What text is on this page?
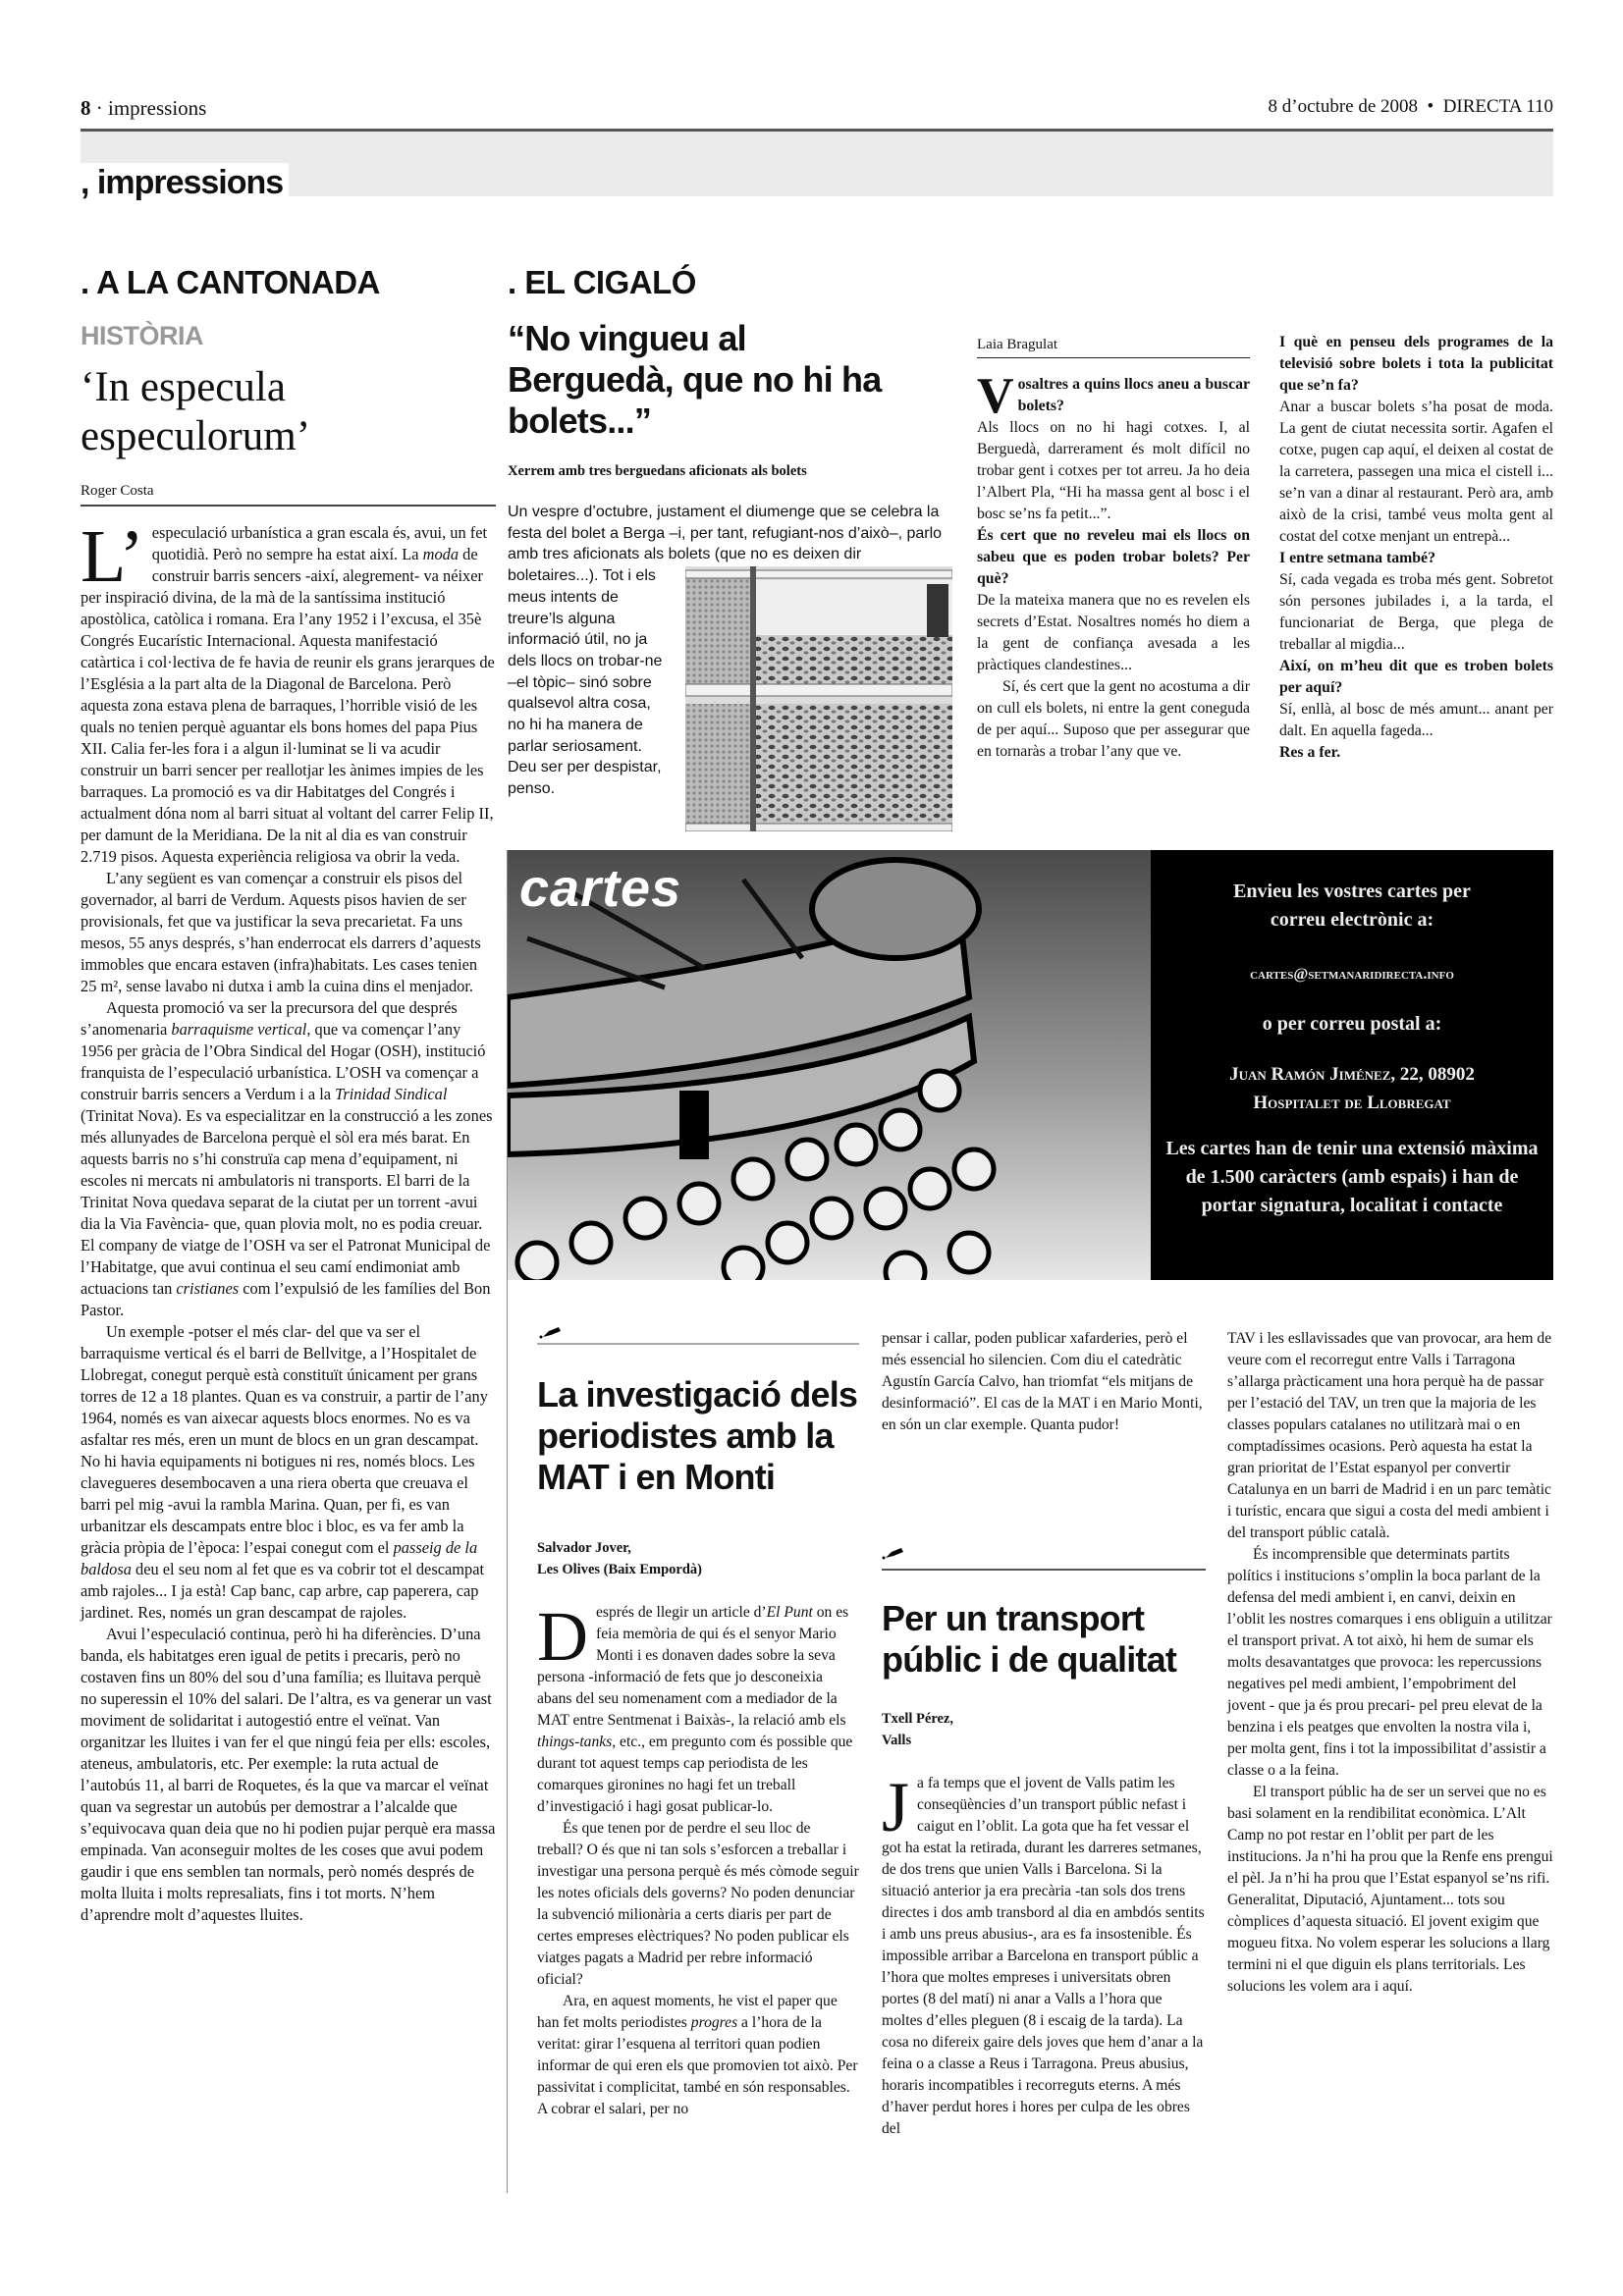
8 · impressions	8 d’octubre de 2008 • DIRECTA 110
, impressions
. A LA CANTONADA
HISTÒRIA
‘In especula especulorum’
Roger Costa
L’ especulació urbanística a gran escala és, avui, un fet quotidià. Però no sempre ha estat així. La moda de construir barris sencers -així, alegrement- va néixer per inspiració divina, de la mà de la santíssima institució apostòlica, catòlica i romana. Era l’any 1952 i l’excusa, el 35è Congrés Eucarístic Internacional. Aquesta manifestació catàrtica i col·lectiva de fe havia de reunir els grans jerarques de l’Església a la part alta de la Diagonal de Barcelona. Però aquesta zona estava plena de barraques, l’horrible visió de les quals no tenien perquè aguantar els bons homes del papa Pius XII. Calia fer-les fora i a algun il·luminat se li va acudir construir un barri sencer per reallotjar les ànimes impies de les barraques. La promoció es va dir Habitatges del Congrés i actualment dóna nom al barri situat al voltant del carrer Felip II, per damunt de la Meridiana. De la nit al dia es van construir 2.719 pisos. Aquesta experiència religiosa va obrir la veda.

L’any següent es van començar a construir els pisos del governador, al barri de Verdum. Aquests pisos havien de ser provisionals, fet que va justificar la seva precarietat. Fa uns mesos, 55 anys després, s’han enderrocat els darrers d’aquests immobles que encara estaven (infra)habitats. Les cases tenien 25 m², sense lavabo ni dutxa i amb la cuina dins el menjador.

Aquesta promoció va ser la precursora del que després s’anomenaria barraquisme vertical, que va començar l’any 1956 per gràcia de l’Obra Sindical del Hogar (OSH), institució franquista de l’especulació urbanística. L’OSH va començar a construir barris sencers a Verdum i a la Trinidad Sindical (Trinitat Nova). Es va especialitzar en la construcció a les zones més allunyades de Barcelona perquè el sòl era més barat. En aquests barris no s’hi construïa cap mena d’equipament, ni escoles ni mercats ni ambulatoris ni transports. El barri de la Trinitat Nova quedava separat de la ciutat per un torrent -avui dia la Via Favència- que, quan plovia molt, no es podia creuar. El company de viatge de l’OSH va ser el Patronat Municipal de l’Habitatge, que avui continua el seu camí endimoniat amb actuacions tan cristianes com l’expulsió de les famílies del Bon Pastor.

Un exemple -potser el més clar- del que va ser el barraquisme vertical és el barri de Bellvitge, a l’Hospitalet de Llobregat, conegut perquè està constituït únicament per grans torres de 12 a 18 plantes. Quan es va construir, a partir de l’any 1964, només es van aixecar aquests blocs enormes. No es va asfaltar res més, eren un munt de blocs en un gran descampat. No hi havia equipaments ni botigues ni res, només blocs. Les clavegueres desembocaven a una riera oberta que creuava el barri pel mig -avui la rambla Marina. Quan, per fi, es van urbanitzar els descampats entre bloc i bloc, es va fer amb la gràcia pròpia de l’època: l’espai conegut com el passeig de la baldosa deu el seu nom al fet que es va cobrir tot el descampat amb rajoles... I ja està! Cap banc, cap arbre, cap paperera, cap jardinet. Res, només un gran descampat de rajoles.

Avui l’especulació continua, però hi ha diferències. D’una banda, els habitatges eren igual de petits i precaris, però no costaven fins un 80% del sou d’una família; es lluitava perquè no superessin el 10% del salari. De l’altra, es va generar un vast moviment de solidaritat i autogestió entre el veïnat. Van organitzar les lluites i van fer el que ningú feia per ells: escoles, ateneus, ambulatoris, etc. Per exemple: la ruta actual de l’autobús 11, al barri de Roquetes, és la que va marcar el veïnat quan va segrestar un autobús per demostrar a l’alcalde que s’equivocava quan deia que no hi podien pujar perquè era massa empinada. Van aconseguir moltes de les coses que avui podem gaudir i que ens semblen tan normals, però només després de molta lluita i molts represaliats, fins i tot morts. N’hem d’aprendre molt d’aquestes lluites.

. EL CIGALÓ
“No vingueu al Berguedà, que no hi ha bolets...”
Xerrem amb tres berguedans aficionats als bolets
Un vespre d’octubre, justament el diumenge que se celebra la festa del bolet a Berga –i, per tant, refugiant-nos d’això–, parlo amb tres aficionats als bolets (que no es deixen dir boletaires...). Tot i els meus intents de treure’ls alguna informació útil, no ja dels llocs on trobar-ne –el tòpic– sinó sobre qualsevol altra cosa, no hi ha manera de parlar seriosament. Deu ser per despistar, penso.
Laia Bragulat
V osaltres a quins llocs aneu a buscar bolets?

Als llocs on no hi hagi cotxes. I, al Berguedà, darrerament és molt difícil no trobar gent i cotxes per tot arreu. Ja ho deia l’Albert Pla, “Hi ha massa gent al bosc i el bosc se’ns fa petit...”.

És cert que no reveleu mai els llocs on sabeu que es poden trobar bolets? Per què?

De la mateixa manera que no es revelen els secrets d’Estat. Nosaltres només ho diem a la gent de confiança avesada a les pràctiques clandestines...

Sí, és cert que la gent no acostuma a dir on cull els bolets, ni entre la gent coneguda de per aquí... Suposo que per assegurar que en tornaràs a trobar l’any que ve.

I què en penseu dels programes de la televisió sobre bolets i tota la publicitat que se’n fa?

Anar a buscar bolets s’ha posat de moda. La gent de ciutat necessita sortir. Agafen el cotxe, pugen cap aquí, el deixen al costat de la carretera, passegen una mica el cistell i... se’n van a dinar al restaurant. Però ara, amb això de la crisi, també veus molta gent al costat del cotxe menjant un entrepà...

I entre setmana també?

Sí, cada vegada es troba més gent. Sobretot són persones jubilades i, a la tarda, el funcionariat de Berga, que plega de treballar al migdia...

Així, on m’heu dit que es troben bolets per aquí?

Sí, enllà, al bosc de més amunt... anant per dalt. En aquella fageda...

Res a fer.

cartes	Envieu les vostres cartes per correu electrònic a:
cartes@setmanaridirecta.info
o per correu postal a:
Juan Ramón Jiménez, 22, 08902
Hospitalet de Llobregat
Les cartes han de tenir una extensió màxima de 1.500 caràcters (amb espais) i han de portar signatura, localitat i contacte
La investigació dels periodistes amb la MAT i en Monti
Salvador Jover,
Les Olives (Baix Empordà)
D esprés de llegir un article d’El Punt on es feia memòria de qui és el senyor Mario Monti i es donaven dades sobre la seva persona -informació de fets que jo desconeixia abans del seu nomenament com a mediador de la MAT entre Sentmenat i Baixàs-, la relació amb els things-tanks, etc., em pregunto com és possible que durant tot aquest temps cap periodista de les comarques gironines no hagi fet un treball d’investigació i hagi gosat publicar-lo.

És que tenen por de perdre el seu lloc de treball? O és que ni tan sols s’esforcen a treballar i investigar una persona perquè és més còmode seguir les notes oficials dels governs? No poden denunciar la subvenció milionària a certs diaris per part de certes empreses elèctriques? No poden publicar els viatges pagats a Madrid per rebre informació oficial?

Ara, en aquest moments, he vist el paper que han fet molts periodistes progres a l’hora de la veritat: girar l’esquena al territori quan podien informar de qui eren els que promovien tot això. Per passivitat i complicitat, també en són responsables. A cobrar el salari, per no

pensar i callar, poden publicar xafarderies, però el més essencial ho silencien. Com diu el catedràtic Agustín García Calvo, han triomfat “els mitjans de desinformació”. El cas de la MAT i en Mario Monti, en són un clar exemple. Quanta pudor!

Per un transport públic i de qualitat
Txell Pérez,
Valls
J a fa temps que el jovent de Valls patim les conseqüències d’un transport públic nefast i caigut en l’oblit. La gota que ha fet vessar el got ha estat la retirada, durant les darreres setmanes, de dos trens que unien Valls i Barcelona. Si la situació anterior ja era precària -tan sols dos trens directes i dos amb transbord al dia en ambdós sentits i amb uns preus abusius-, ara es fa insostenible. És impossible arribar a Barcelona en transport públic a l’hora que moltes empreses i universitats obren portes (8 del matí) ni anar a Valls a l’hora que moltes d’elles pleguen (8 i escaig de la tarda). La cosa no difereix gaire dels joves que hem d’anar a la feina o a classe a Reus i Tarragona. Preus abusius, horaris incompatibles i recorreguts eterns. A més d’haver perdut hores i hores per culpa de les obres del

TAV i les esllavissades que van provocar, ara hem de veure com el recorregut entre Valls i Tarragona s’allarga pràcticament una hora perquè ha de passar per l’estació del TAV, un tren que la majoria de les classes populars catalanes no utilitzarà mai o en comptadíssimes ocasions. Però aquesta ha estat la gran prioritat de l’Estat espanyol per convertir Catalunya en un barri de Madrid i en un parc temàtic i turístic, encara que sigui a costa del medi ambient i del transport públic català.

És incomprensible que determinats partits polítics i institucions s’omplin la boca parlant de la defensa del medi ambient i, en canvi, deixin en l’oblit les nostres comarques i ens obliguin a utilitzar el transport privat. A tot això, hi hem de sumar els molts desavantatges que provoca: les repercussions negatives pel medi ambient, l’empobriment del jovent - que ja és prou precari- pel preu elevat de la benzina i els peatges que envolten la nostra vila i, per molta gent, fins i tot la impossibilitat d’assistir a classe o a la feina.

El transport públic ha de ser un servei que no es basi solament en la rendibilitat econòmica. L’Alt Camp no pot restar en l’oblit per part de les institucions. Ja n’hi ha prou que la Renfe ens prengui el pèl. Ja n’hi ha prou que l’Estat espanyol se’ns rifi. Generalitat, Diputació, Ajuntament... tots sou còmplices d’aquesta situació. El jovent exigim que mogueu fitxa. No volem esperar les solucions a llarg termini ni el que diguin els plans territorials. Les solucions les volem ara i aquí.
